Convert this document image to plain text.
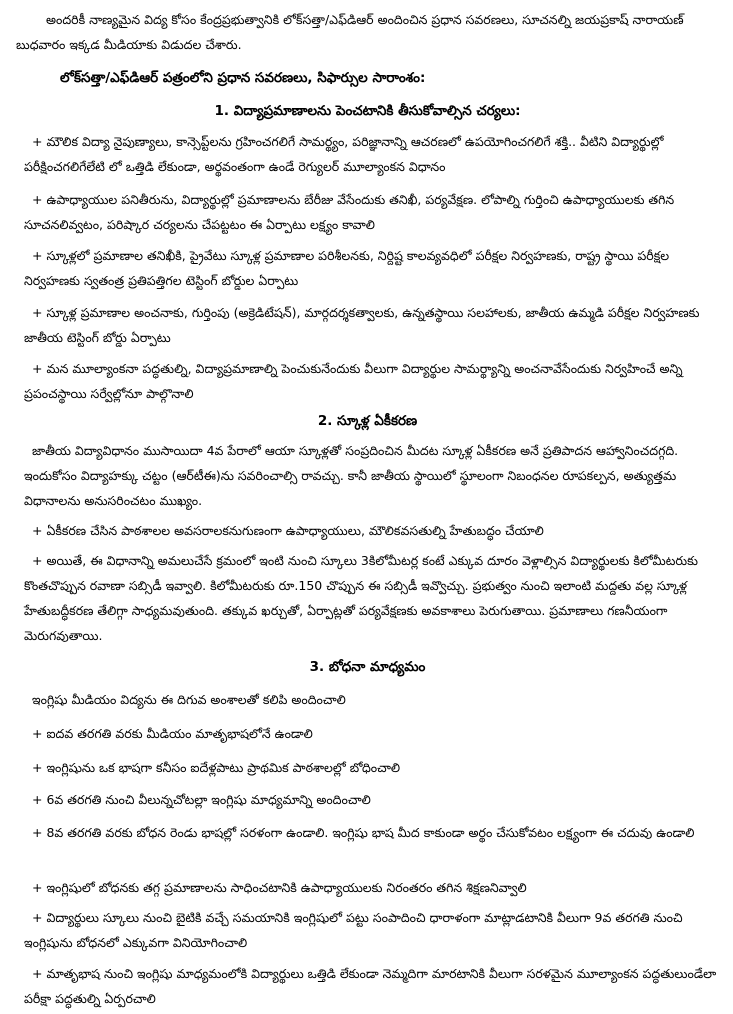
అందరికీ నాణ్యమైన విద్య కోసం కేంద్రప్రభుత్వానికి లోక్‌సత్తా/ఎఫ్‌డిఆర్ అందించిన ప్రధాన సవరణలు, సూచనల్ని జయప్రకాష్ నారాయణ్ బుధవారం ఇక్కడ మీడియాకు విడుదల చేశారు.

లోక్‌సత్తా/ఎఫ్‌డిఆర్ పత్రంలోని ప్రధాన సవరణలు, సిఫార్సుల సారాంశం:

1. విద్యాప్రమాణాలను పెంచటానికి తీసుకోవాల్సిన చర్యలు:

+ మౌలిక విద్యా నైపుణ్యాలు, కాన్సెప్ట్‌లను గ్రహించగలిగే సామర్థ్యం, పరిజ్ఞానాన్ని ఆచరణలో ఉపయోగించగలిగే శక్తి.. వీటిని విద్యార్థుల్లో పరీక్షించగలిగేలేటి లో ఒత్తిడి లేకుండా, అర్థవంతంగా ఉండే రెగ్యులర్ మూల్యాంకన విధానం

+ ఉపాధ్యాయుల పనితీరును, విద్యార్థుల్లో ప్రమాణాలను బేరీజు వేసేందుకు తనిఖీ, పర్యవేక్షణ. లోపాల్ని గుర్తించి ఉపాధ్యాయులకు తగిన సూచనలివ్వటం, పరిష్కార చర్యలను చేపట్టటం ఈ ఏర్పాటు లక్ష్యం కావాలి

+ స్కూళ్లలో ప్రమాణాల తనిఖీకి, ప్రైవేటు స్కూళ్ల ప్రమాణాల పరిశీలనకు, నిర్దిష్ట కాలవ్యవధిలో పరీక్షల నిర్వహణకు, రాష్ట్ర స్థాయి పరీక్షల నిర్వహణకు స్వతంత్ర ప్రతిపత్తిగల టెస్టింగ్ బోర్డుల ఏర్పాటు

+ స్కూళ్ల ప్రమాణాల అంచనాకు, గుర్తింపు (అక్రెడిటేషన్), మార్గదర్శకత్వాలకు, ఉన్నతస్థాయి సలహాలకు, జాతీయ ఉమ్మడి పరీక్షల నిర్వహణకు జాతీయ టెస్టింగ్ బోర్డు ఏర్పాటు

+ మన మూల్యాంకనా పద్ధతుల్ని, విద్యాప్రమాణాల్ని పెంచుకునేందుకు వీలుగా విద్యార్థుల సామర్థ్యాన్ని అంచనావేసేందుకు నిర్వహించే అన్ని ప్రపంచస్థాయి సర్వేల్లోనూ పాల్గొనాలి

2. స్కూళ్ల ఏకీకరణ

జాతీయ విద్యావిధానం ముసాయిదా 4వ పేరాలో ఆయా స్కూళ్లతో సంప్రదించిన మీదట స్కూళ్ల ఏకీకరణ అనే ప్రతిపాదన ఆహ్వానించదగ్గది. ఇందుకోసం విద్యాహక్కు చట్టం (ఆర్‌టీఈ)ను సవరించాల్సి రావచ్చు. కానీ జాతీయ స్థాయిలో స్థూలంగా నిబంధనల రూపకల్పన, అత్యుత్తమ విధానాలను అనుసరించటం ముఖ్యం.

+ ఏకీకరణ చేసిన పాఠశాలల అవసరాలకనుగుణంగా ఉపాధ్యాయులు, మౌలికవసతుల్ని హేతుబద్ధం చేయాలి

+ అయితే, ఈ విధానాన్ని అమలుచేసే క్రమంలో ఇంటి నుంచి స్కూలు 3కిలోమీటర్ల కంటే ఎక్కువ దూరం వెళ్లాల్సిన విద్యార్థులకు కిలోమీటరుకు కొంతచొప్పున రవాణా సబ్సిడీ ఇవ్వాలి. కిలోమీటరుకు రూ.150 చొప్పున ఈ సబ్సిడీ ఇవ్వొచ్చు. ప్రభుత్వం నుంచి ఇలాంటి మద్దతు వల్ల స్కూళ్ల హేతుబద్ధీకరణ తేలిగ్గా సాధ్యమవుతుంది. తక్కువ ఖర్చుతో, ఏర్పాట్లతో పర్యవేక్షణకు అవకాశాలు పెరుగుతాయి. ప్రమాణాలు గణనీయంగా మెరుగవుతాయి.

3. బోధనా మాధ్యమం

ఇంగ్లిషు మీడియం విద్యను ఈ దిగువ అంశాలతో కలిపి అందించాలి

+ ఐదవ తరగతి వరకు మీడియం మాతృభాషలోనే ఉండాలి

+ ఇంగ్లిషును ఒక భాషగా కనీసం ఐదేళ్లపాటు ప్రాథమిక పాఠశాలల్లో బోధించాలి

+ 6వ తరగతి నుంచి వీలున్నచోటల్లా ఇంగ్లిషు మాధ్యమాన్ని అందించాలి

+ 8వ తరగతి వరకు బోధన రెండు భాషల్లో సరళంగా ఉండాలి. ఇంగ్లిషు భాష మీద కాకుండా అర్థం చేసుకోవటం లక్ష్యంగా ఈ చదువు ఉండాలి

+ ఇంగ్లిషులో బోధనకు తగ్గ ప్రమాణాలను సాధించటానికి ఉపాధ్యాయులకు నిరంతరం తగిన శిక్షణనివ్వాలి

+ విద్యార్థులు స్కూలు నుంచి బైటికి వచ్చే సమయానికి ఇంగ్లిషులో పట్టు సంపాదించి ధారాళంగా మాట్లాడటానికి వీలుగా 9వ తరగతి నుంచి ఇంగ్లిషును బోధనలో ఎక్కువగా వినియోగించాలి

+ మాతృభాష నుంచి ఇంగ్లిషు మాధ్యమంలోకి విద్యార్థులు ఒత్తిడి లేకుండా నెమ్మదిగా మారటానికి వీలుగా సరళమైన మూల్యాంకన పద్ధతులుండేలా పరీక్షా పద్ధతుల్ని ఏర్పరచాలి
